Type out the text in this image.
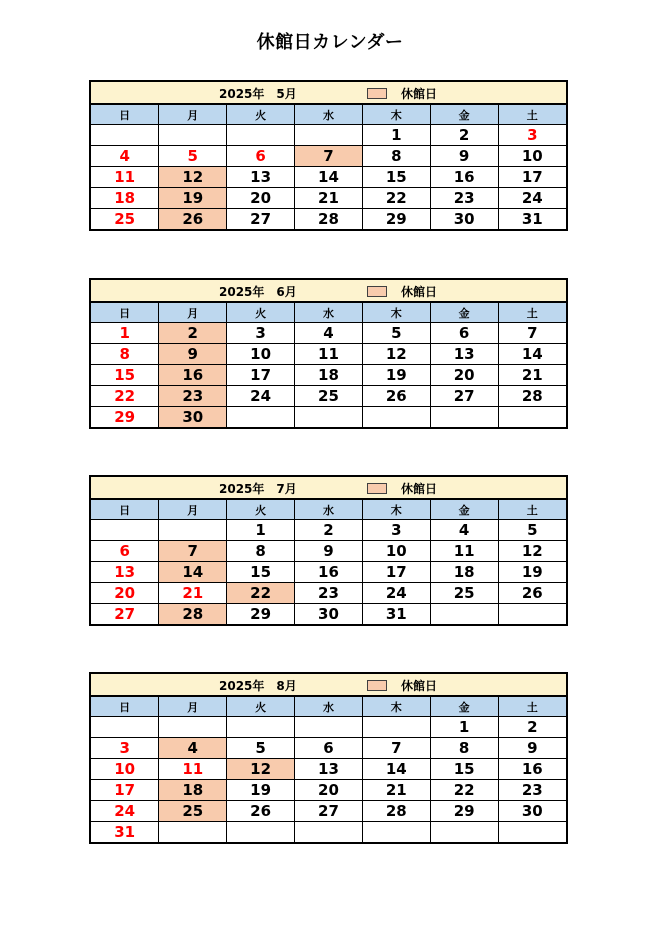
休館日カレンダー
2025年　5月	休館日
日	月	火	水	木	金	土
				1	2	3
4	5	6	7	8	9	10
11	12	13	14	15	16	17
18	19	20	21	22	23	24
25	26	27	28	29	30	31
2025年　6月	休館日
日	月	火	水	木	金	土
1	2	3	4	5	6	7
8	9	10	11	12	13	14
15	16	17	18	19	20	21
22	23	24	25	26	27	28
29	30					
2025年　7月	休館日
日	月	火	水	木	金	土
		1	2	3	4	5
6	7	8	9	10	11	12
13	14	15	16	17	18	19
20	21	22	23	24	25	26
27	28	29	30	31		
2025年　8月	休館日
日	月	火	水	木	金	土
					1	2
3	4	5	6	7	8	9
10	11	12	13	14	15	16
17	18	19	20	21	22	23
24	25	26	27	28	29	30
31						
